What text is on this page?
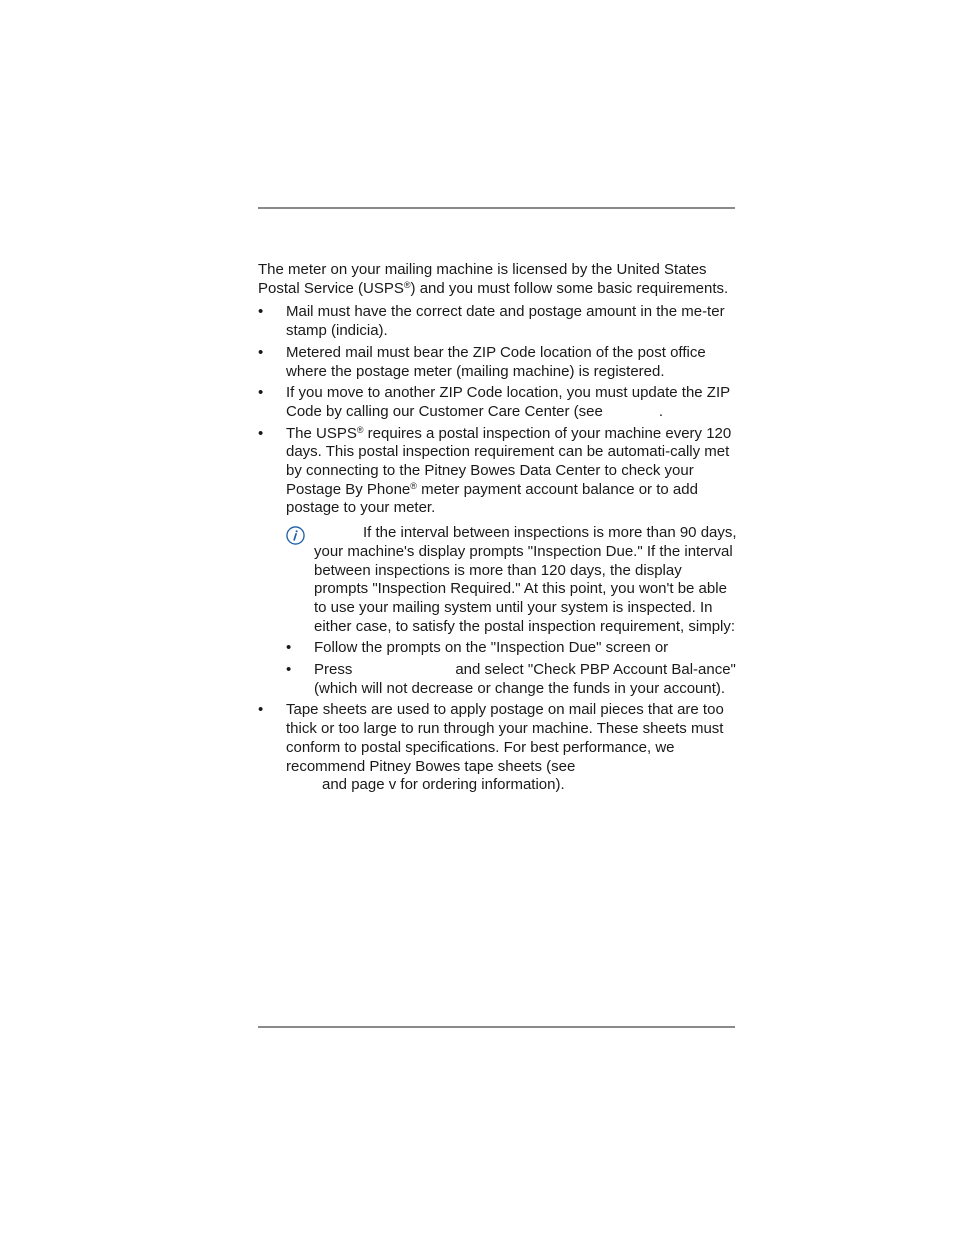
The meter on your mailing machine is licensed by the United States
Postal Service (USPS®) and you must follow some basic requirements.

• Mail must have the correct date and postage amount in the me-ter stamp (indicia).
• Metered mail must bear the ZIP Code location of the post office where the postage meter (mailing machine) is registered.
• If you move to another ZIP Code location, you must update the ZIP Code by calling our Customer Care Center (see	.
• The USPS® requires a postal inspection of your machine every 120 days. This postal inspection requirement can be automati-cally met by connecting to the Pitney Bowes Data Center to check your Postage By Phone® meter payment account balance or to add postage to your meter.
If the interval between inspections is more than 90 days, your machine's display prompts "Inspection Due." If the interval between inspections is more than 120 days, the display prompts "Inspection Required." At this point, you won't be able to use your mailing system until your system is inspected. In either case, to satisfy the postal inspection requirement, simply:
• Follow the prompts on the "Inspection Due" screen or
• Press	and select "Check PBP Account Bal-ance" (which will not decrease or change the funds in your account).
• Tape sheets are used to apply postage on mail pieces that are too thick or too large to run through your machine. These sheets must conform to postal specifications. For best performance, we recommend Pitney Bowes tape sheets (see
and page v for ordering information).
